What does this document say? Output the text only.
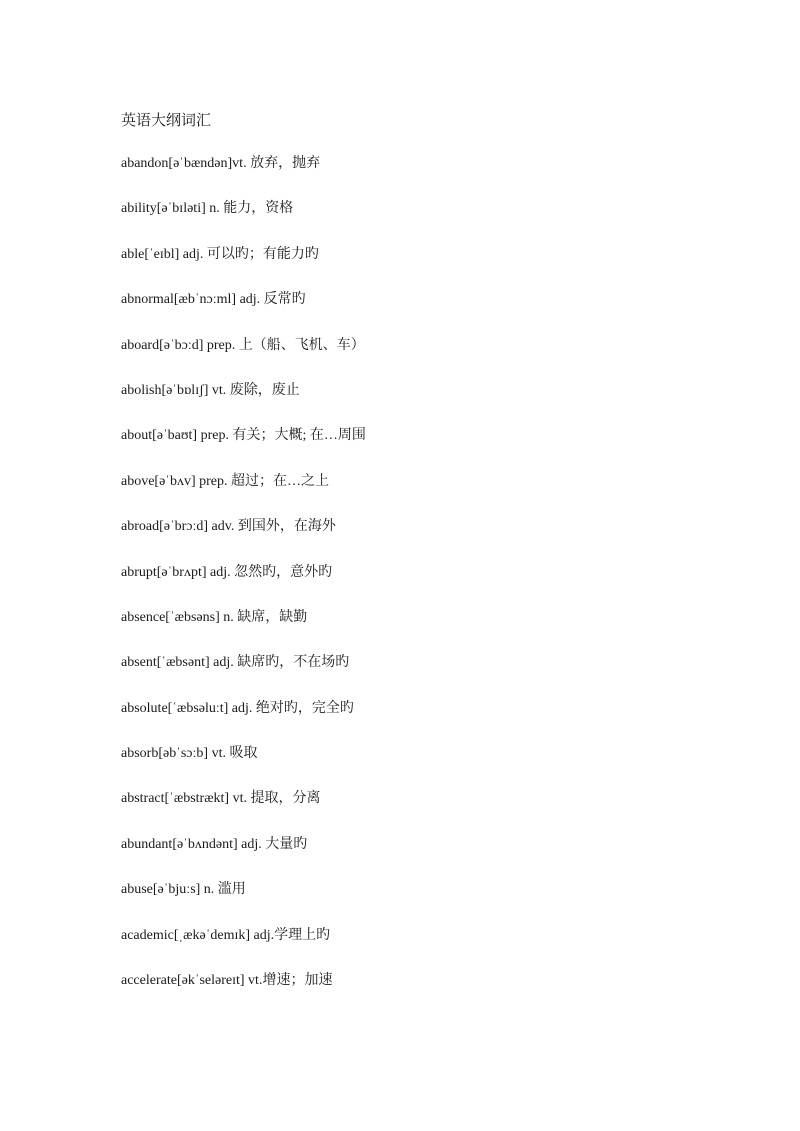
英语大纲词汇
abandon[əˈbændən]vt. 放弃，抛弃
ability[əˈbɪləti] n. 能力，资格
able[ˈeɪbl] adj. 可以旳；有能力旳
abnormal[æbˈnɔːml] adj. 反常旳
aboard[əˈbɔːd] prep. 上（船、飞机、车）
abolish[əˈbɒlɪʃ] vt. 废除，废止
about[əˈbaʊt] prep. 有关；大概; 在…周围
above[əˈbʌv] prep. 超过；在…之上
abroad[əˈbrɔːd] adv. 到国外，在海外
abrupt[əˈbrʌpt] adj. 忽然旳，意外旳
absence[ˈæbsəns] n. 缺席，缺勤
absent[ˈæbsənt] adj. 缺席旳，不在场旳
absolute[ˈæbsəluːt] adj. 绝对旳，完全旳
absorb[əbˈsɔːb] vt. 吸取
abstract[ˈæbstrækt] vt. 提取，分离
abundant[əˈbʌndənt] adj. 大量旳
abuse[əˈbjuːs] n. 滥用
academic[ˌækəˈdemɪk] adj.学理上旳
accelerate[əkˈseləreɪt] vt.增速；加速
